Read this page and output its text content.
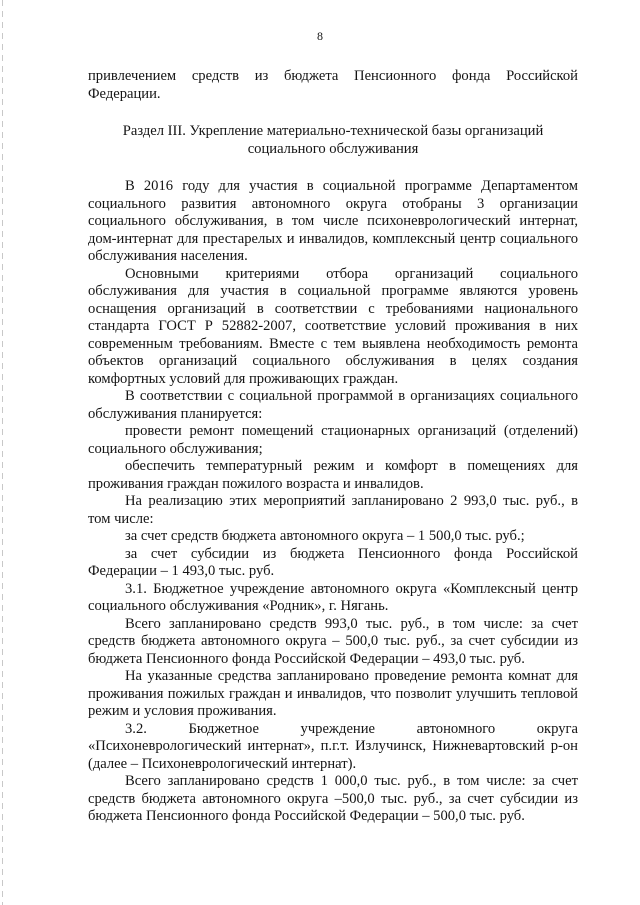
8

привлечением средств из бюджета Пенсионного фонда Российской Федерации.

Раздел III. Укрепление материально-технической базы организаций социального обслуживания

В 2016 году для участия в социальной программе Департаментом социального развития автономного округа отобраны 3 организации социального обслуживания, в том числе психоневрологический интернат, дом-интернат для престарелых и инвалидов, комплексный центр социального обслуживания населения.

Основными критериями отбора организаций социального обслуживания для участия в социальной программе являются уровень оснащения организаций в соответствии с требованиями национального стандарта ГОСТ Р 52882-2007, соответствие условий проживания в них современным требованиям. Вместе с тем выявлена необходимость ремонта объектов организаций социального обслуживания в целях создания комфортных условий для проживающих граждан.

В соответствии с социальной программой в организациях социального обслуживания планируется:

провести ремонт помещений стационарных организаций (отделений) социального обслуживания;

обеспечить температурный режим и комфорт в помещениях для проживания граждан пожилого возраста и инвалидов.

На реализацию этих мероприятий запланировано 2 993,0 тыс. руб., в том числе:

за счет средств бюджета автономного округа – 1 500,0 тыс. руб.;

за счет субсидии из бюджета Пенсионного фонда Российской Федерации – 1 493,0 тыс. руб.

3.1. Бюджетное учреждение автономного округа «Комплексный центр социального обслуживания «Родник», г. Нягань.

Всего запланировано средств 993,0 тыс. руб., в том числе: за счет средств бюджета автономного округа – 500,0 тыс. руб., за счет субсидии из бюджета Пенсионного фонда Российской Федерации – 493,0 тыс. руб.

На указанные средства запланировано проведение ремонта комнат для проживания пожилых граждан и инвалидов, что позволит улучшить тепловой режим и условия проживания.

3.2. Бюджетное учреждение автономного округа «Психоневрологический интернат», п.г.т. Излучинск, Нижневартовский р-он (далее – Психоневрологический интернат).

Всего запланировано средств 1 000,0 тыс. руб., в том числе: за счет средств бюджета автономного округа –500,0 тыс. руб., за счет субсидии из бюджета Пенсионного фонда Российской Федерации – 500,0 тыс. руб.
